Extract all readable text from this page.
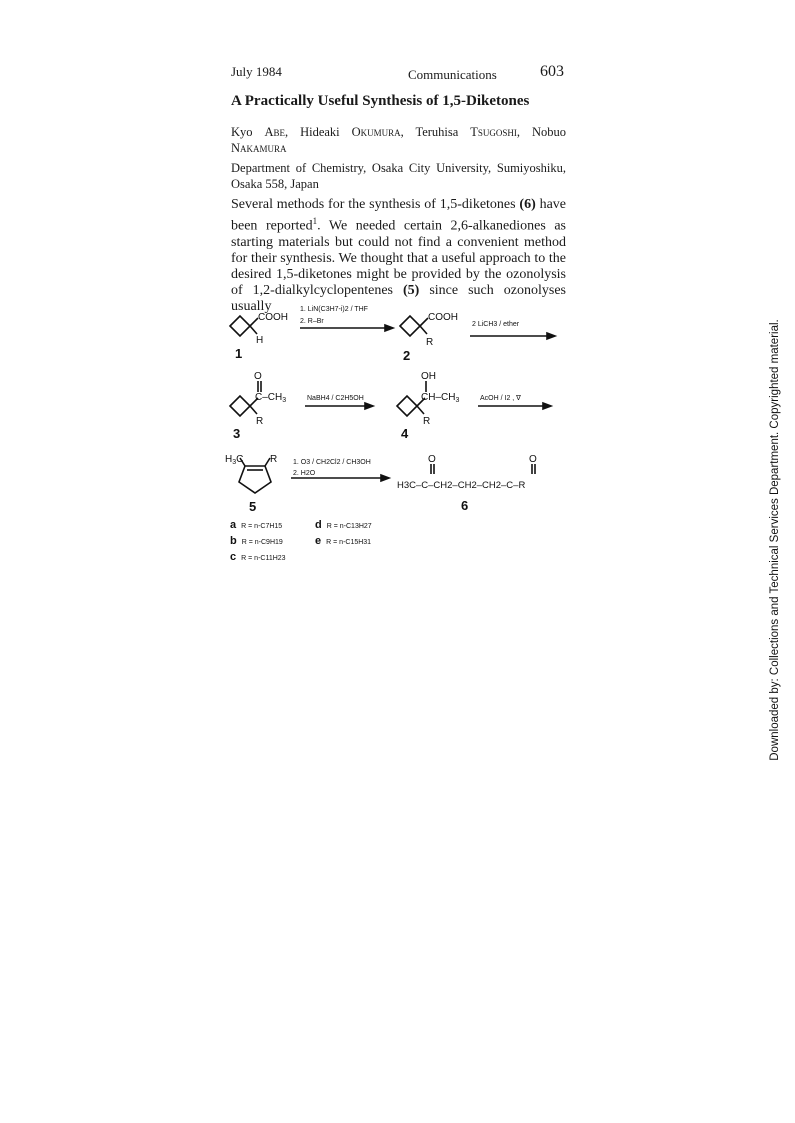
July 1984	Communications	603
A Practically Useful Synthesis of 1,5-Diketones
Kyo Abe, Hideaki Okumura, Teruhisa Tsugoshi, Nobuo Nakamura
Department of Chemistry, Osaka City University, Sumiyoshiku, Osaka 558, Japan
Several methods for the synthesis of 1,5-diketones (6) have been reported$^1$. We needed certain 2,6-alkanediones as starting materials but could not find a convenient method for their synthesis. We thought that a useful approach to the desired 1,5-diketones might be provided by the ozonolysis of 1,2-dialkylcyclopentenes (5) since such ozonolyses usually
COOH
H
1
1. LiN(C3H7-i)2 / THF
2. R–Br	COOH
R
2
2 LiCH3 / ether
O
$C-CH_3$
R
3
NaBH4 / C2H5OH
OH
$CH-CH_3$
R
4
AcOH / I2 , ∇
$H_3C$	R
5
1. O3 / CH2Cl2 / CH3OH
2. H2O
O	O
H3C–C–CH2–CH2–CH2–C–R
6
a R = n-C7H15	d R = n-C13H27
b R = n-C9H19	e R = n-C15H31
c R = n-C11H23	Downloaded by: Collections and Technical Services Department. Copyrighted material.
